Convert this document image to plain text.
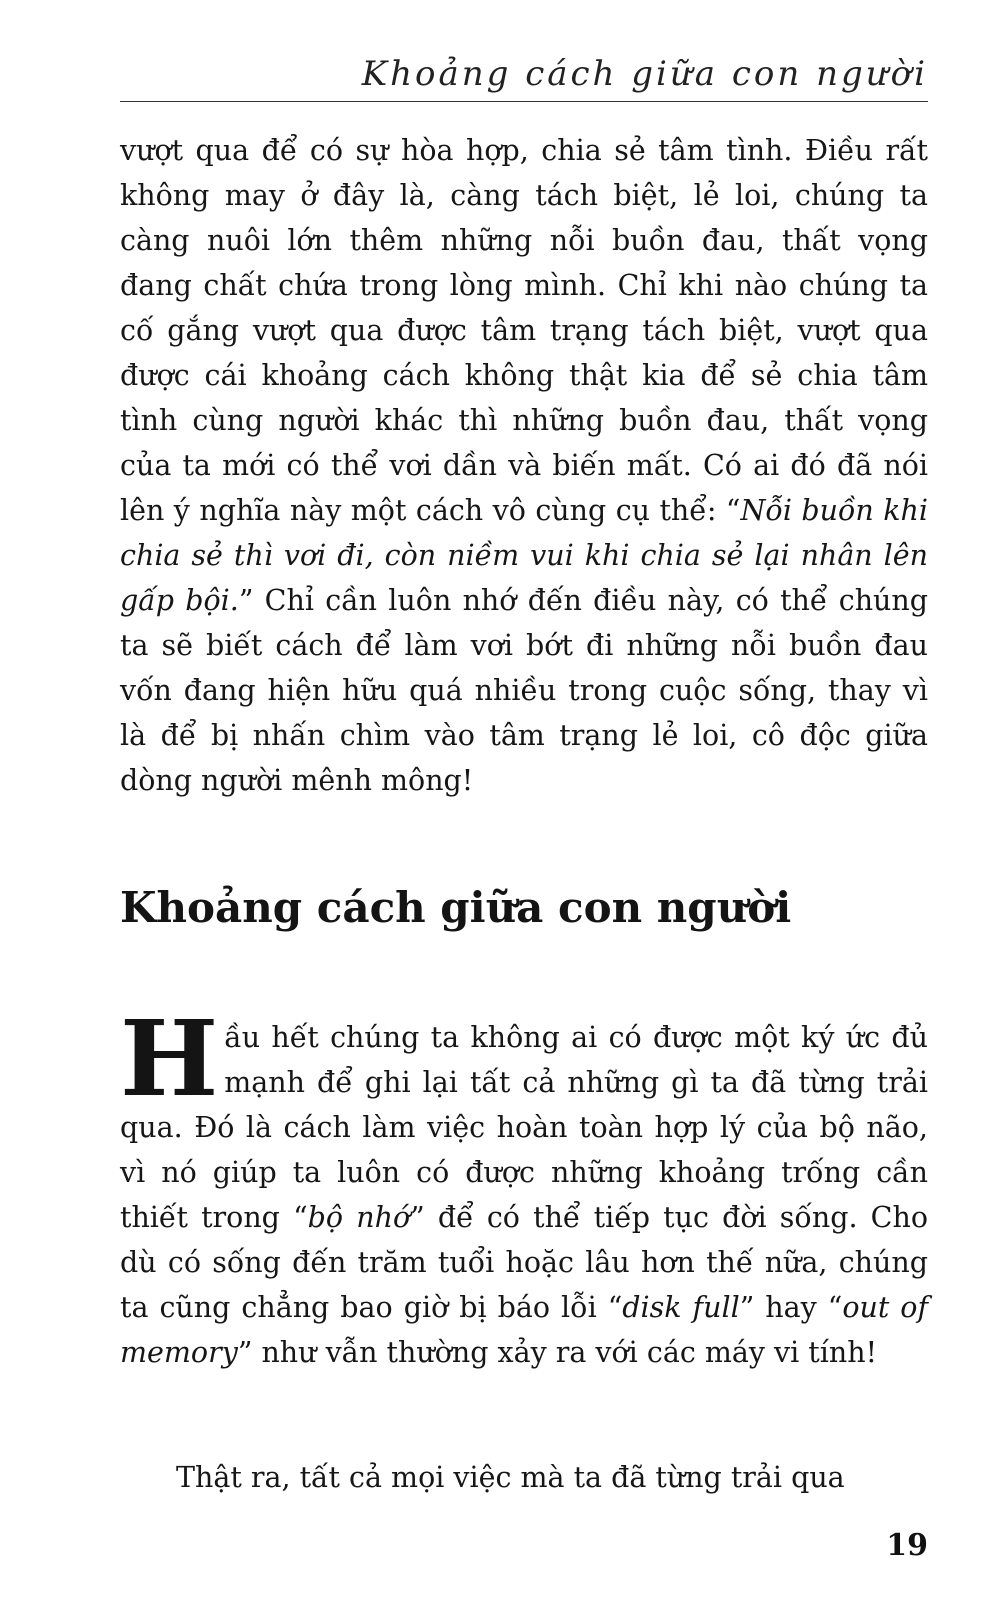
Khoảng cách giữa con người

vượt qua để có sự hòa hợp, chia sẻ tâm tình. Điều rất không may ở đây là, càng tách biệt, lẻ loi, chúng ta càng nuôi lớn thêm những nỗi buồn đau, thất vọng đang chất chứa trong lòng mình. Chỉ khi nào chúng ta cố gắng vượt qua được tâm trạng tách biệt, vượt qua được cái khoảng cách không thật kia để sẻ chia tâm tình cùng người khác thì những buồn đau, thất vọng của ta mới có thể vơi dần và biến mất. Có ai đó đã nói lên ý nghĩa này một cách vô cùng cụ thể: “Nỗi buồn khi chia sẻ thì vơi đi, còn niềm vui khi chia sẻ lại nhân lên gấp bội.” Chỉ cần luôn nhớ đến điều này, có thể chúng ta sẽ biết cách để làm vơi bớt đi những nỗi buồn đau vốn đang hiện hữu quá nhiều trong cuộc sống, thay vì là để bị nhấn chìm vào tâm trạng lẻ loi, cô độc giữa dòng người mênh mông!

Khoảng cách giữa con người

Hầu hết chúng ta không ai có được một ký ức đủ mạnh để ghi lại tất cả những gì ta đã từng trải qua. Đó là cách làm việc hoàn toàn hợp lý của bộ não, vì nó giúp ta luôn có được những khoảng trống cần thiết trong “bộ nhớ” để có thể tiếp tục đời sống. Cho dù có sống đến trăm tuổi hoặc lâu hơn thế nữa, chúng ta cũng chẳng bao giờ bị báo lỗi “disk full” hay “out of memory” như vẫn thường xảy ra với các máy vi tính!

Thật ra, tất cả mọi việc mà ta đã từng trải qua

19
